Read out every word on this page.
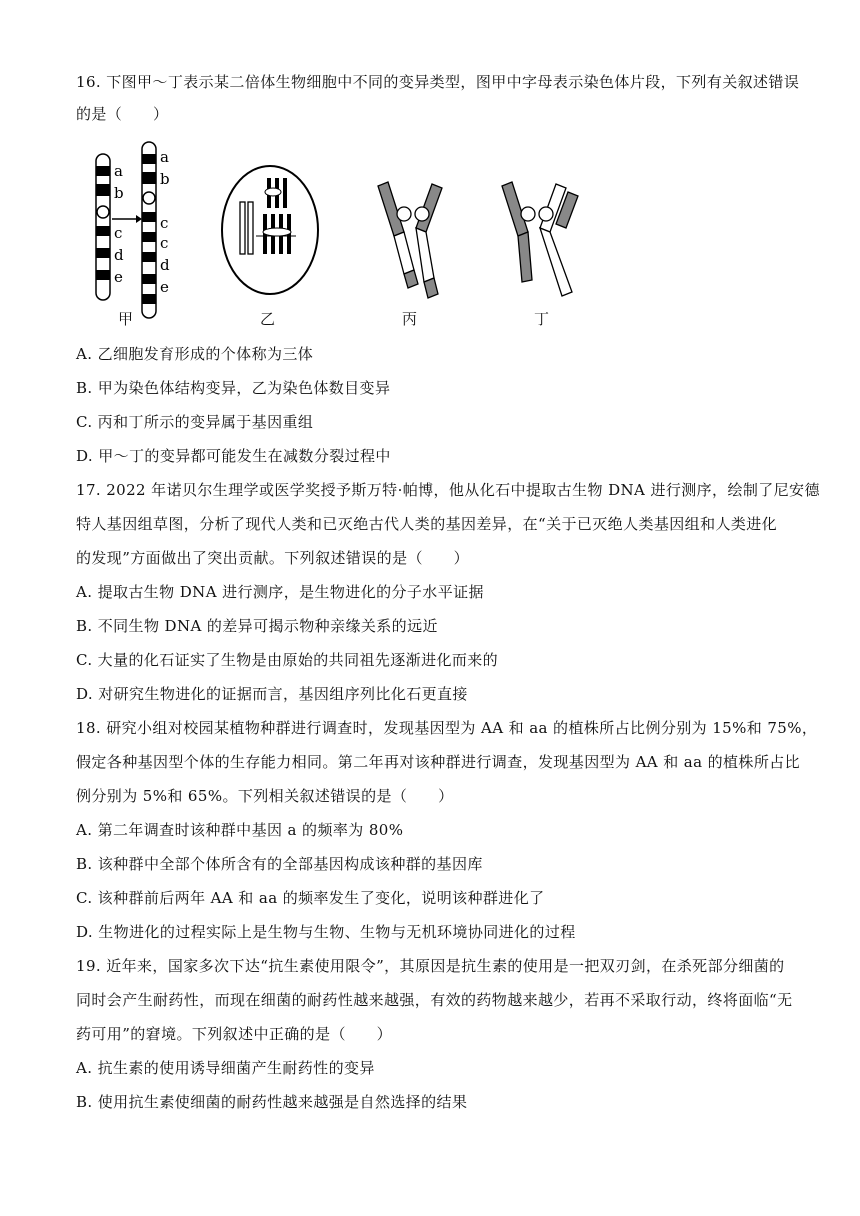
16. 下图甲～丁表示某二倍体生物细胞中不同的变异类型，图甲中字母表示染色体片段，下列有关叙述错误
的是（　　）
a
b
c
d
e
a
b
c
c
d
e
甲	乙	丙	丁
A. 乙细胞发育形成的个体称为三体
B. 甲为染色体结构变异，乙为染色体数目变异
C. 丙和丁所示的变异属于基因重组
D. 甲～丁的变异都可能发生在减数分裂过程中
17. 2022 年诺贝尔生理学或医学奖授予斯万特·帕博，他从化石中提取古生物 DNA 进行测序，绘制了尼安德
特人基因组草图，分析了现代人类和已灭绝古代人类的基因差异，在“关于已灭绝人类基因组和人类进化
的发现”方面做出了突出贡献。下列叙述错误的是（　　）
A. 提取古生物 DNA 进行测序，是生物进化的分子水平证据
B. 不同生物 DNA 的差异可揭示物种亲缘关系的远近
C. 大量的化石证实了生物是由原始的共同祖先逐渐进化而来的
D. 对研究生物进化的证据而言，基因组序列比化石更直接
18. 研究小组对校园某植物种群进行调查时，发现基因型为 AA 和 aa 的植株所占比例分别为 15%和 75%，
假定各种基因型个体的生存能力相同。第二年再对该种群进行调查，发现基因型为 AA 和 aa 的植株所占比
例分别为 5%和 65%。下列相关叙述错误的是（　　）
A. 第二年调查时该种群中基因 a 的频率为 80%
B. 该种群中全部个体所含有的全部基因构成该种群的基因库
C. 该种群前后两年 AA 和 aa 的频率发生了变化，说明该种群进化了
D. 生物进化的过程实际上是生物与生物、生物与无机环境协同进化的过程
19. 近年来，国家多次下达“抗生素使用限令”，其原因是抗生素的使用是一把双刃剑，在杀死部分细菌的
同时会产生耐药性，而现在细菌的耐药性越来越强，有效的药物越来越少，若再不采取行动，终将面临“无
药可用”的窘境。下列叙述中正确的是（　　）
A. 抗生素的使用诱导细菌产生耐药性的变异
B. 使用抗生素使细菌的耐药性越来越强是自然选择的结果
